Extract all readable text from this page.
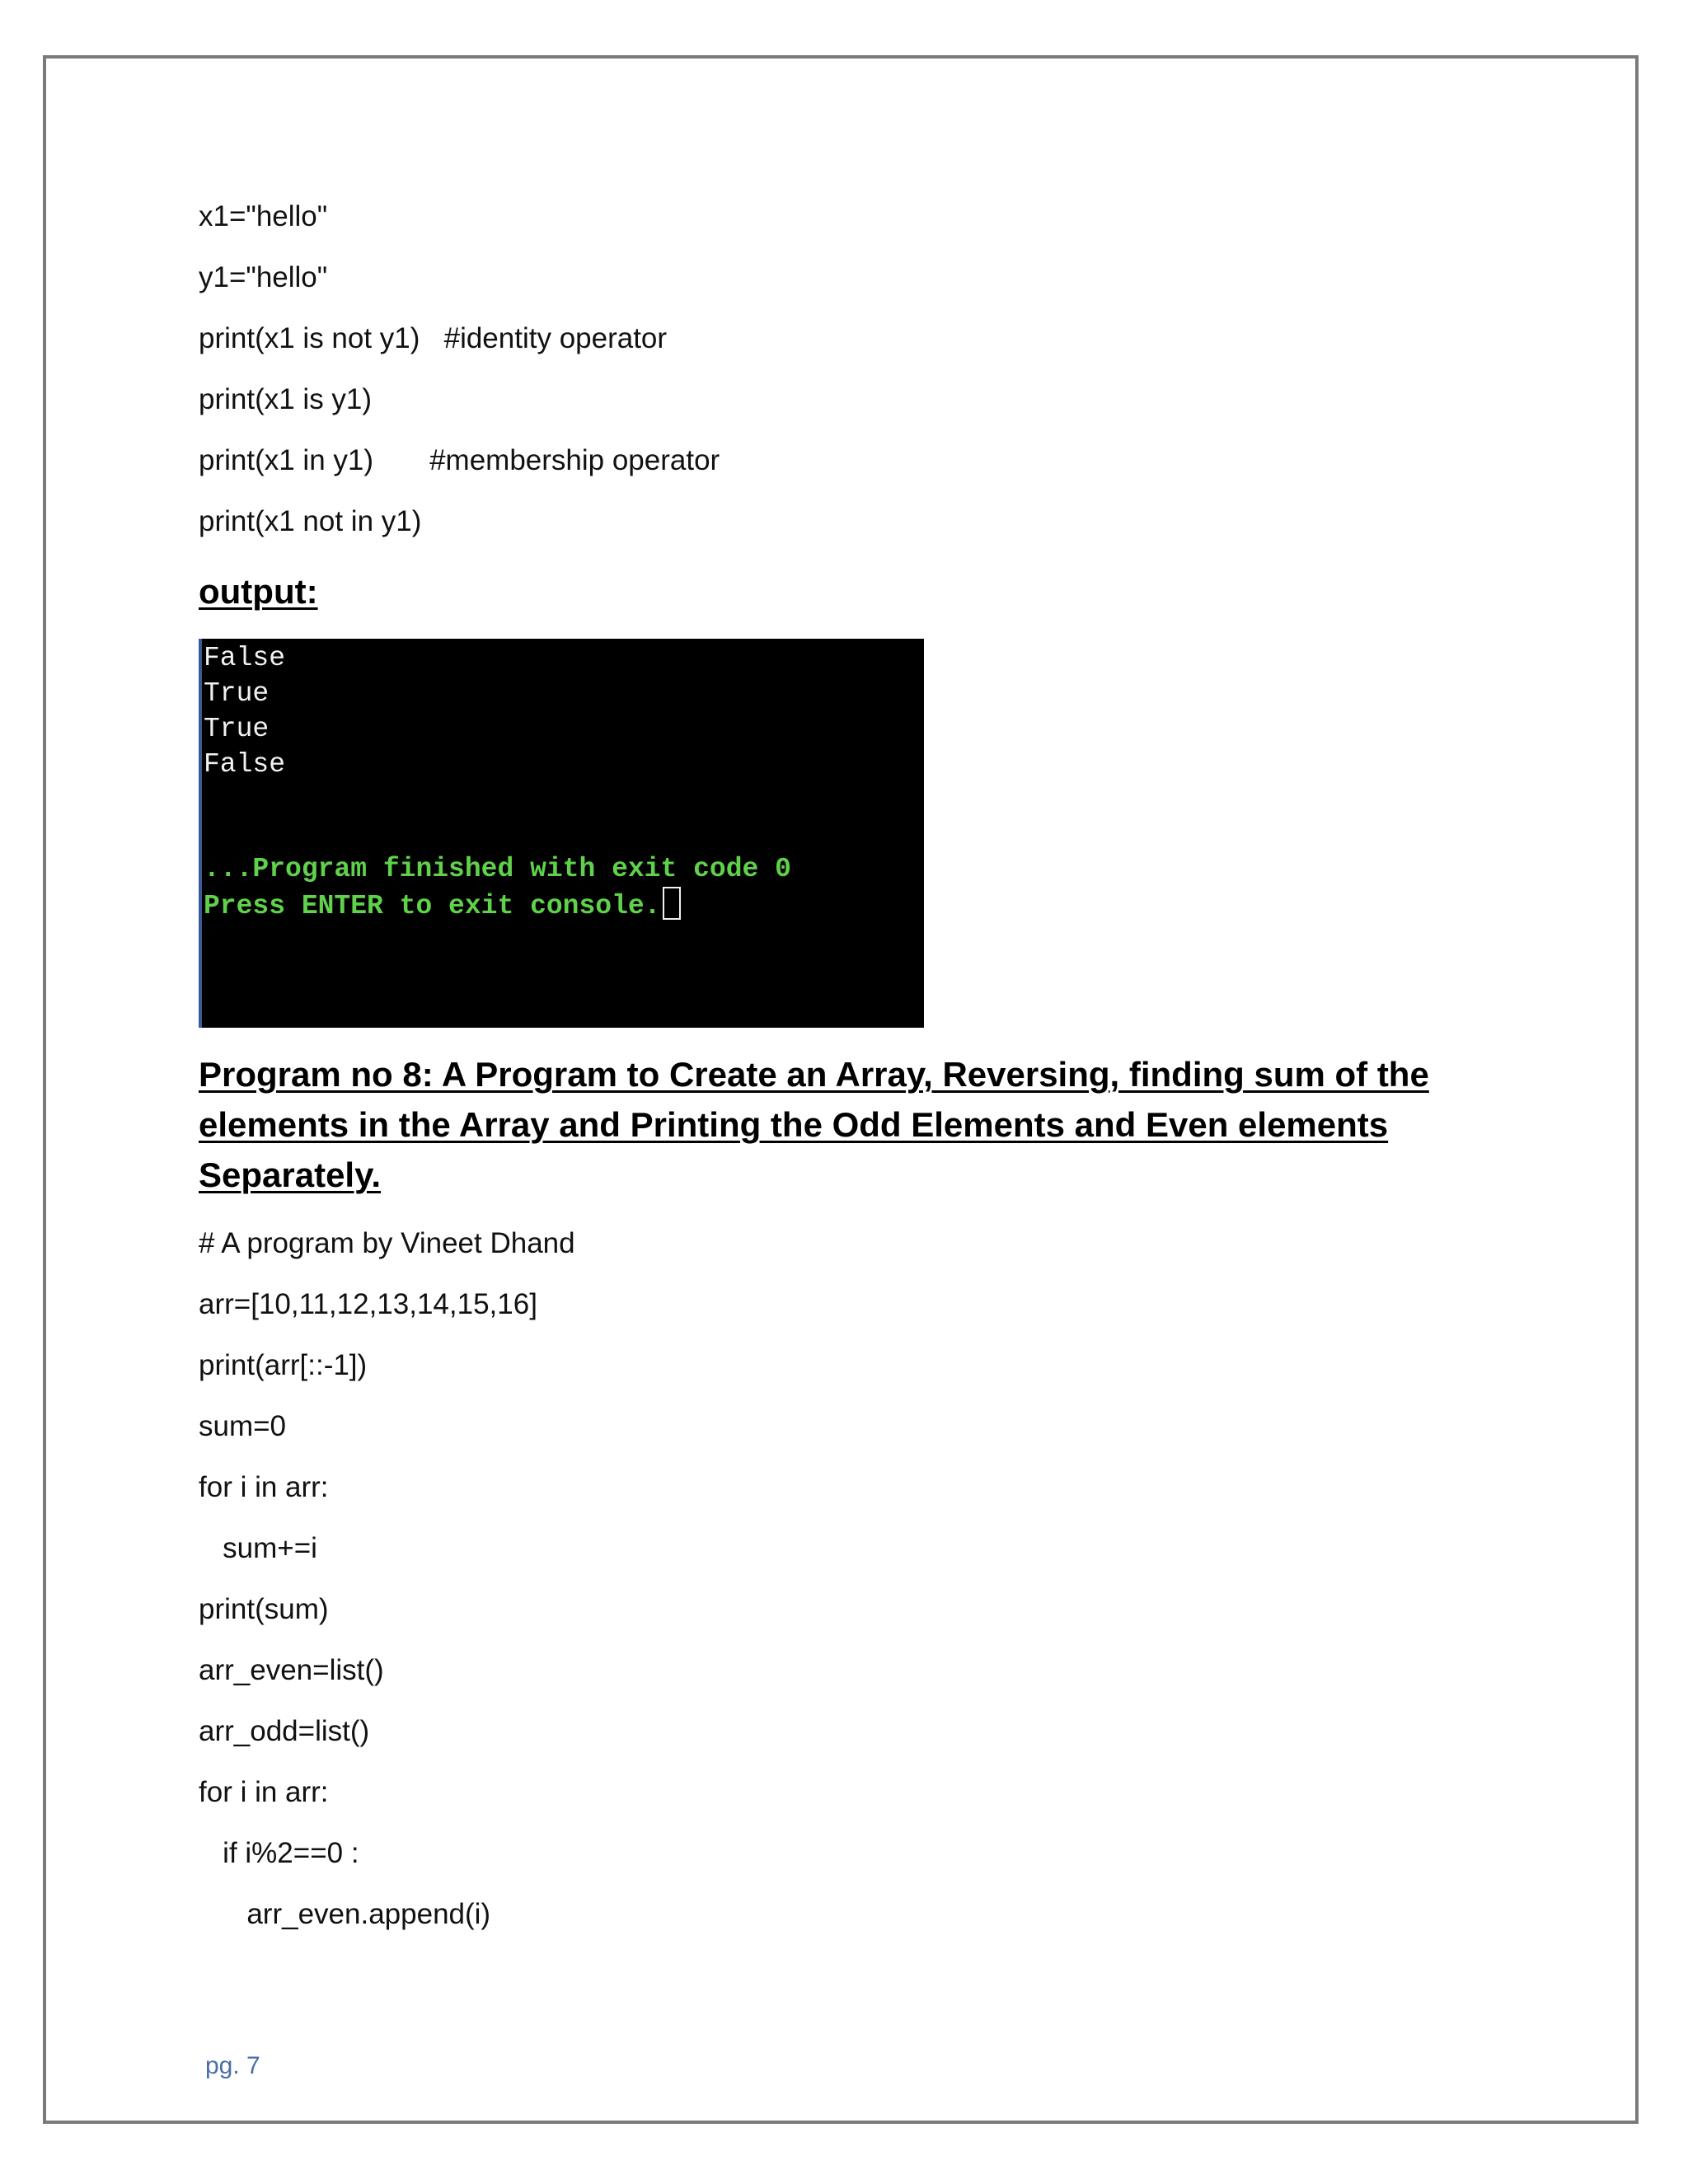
x1="hello"
y1="hello"
print(x1 is not y1)   #identity operator
print(x1 is y1)
print(x1 in y1)       #membership operator
print(x1 not in y1)
output:
Program no 8: A Program to Create an Array, Reversing, finding sum of the elements in the Array and Printing the Odd Elements and Even elements Separately.
# A program by Vineet Dhand
arr=[10,11,12,13,14,15,16]
print(arr[::-1])
sum=0
for i in arr:
sum+=i
print(sum)
arr_even=list()
arr_odd=list()
for i in arr:
if i%2==0 :
arr_even.append(i)
False
True
True
False
...Program finished with exit code 0
Press ENTER to exit console.
pg. 7
